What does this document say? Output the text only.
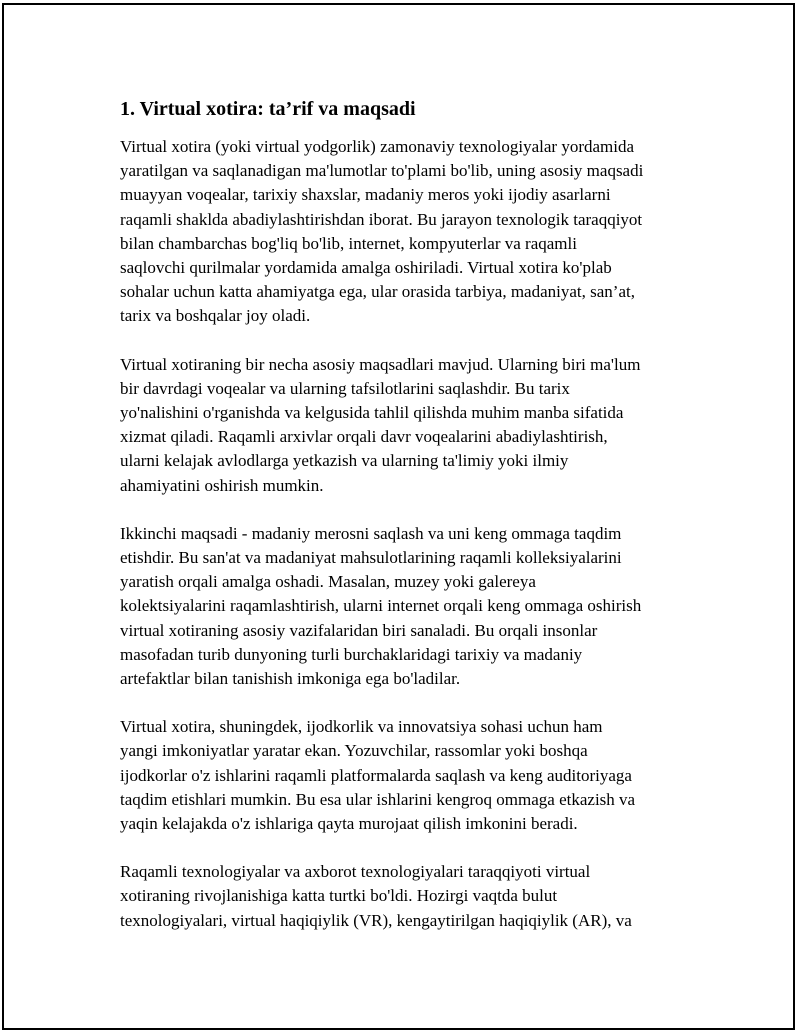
1. Virtual xotira: ta’rif va maqsadi

Virtual xotira (yoki virtual yodgorlik) zamonaviy texnologiyalar yordamida
yaratilgan va saqlanadigan ma'lumotlar to'plami bo'lib, uning asosiy maqsadi
muayyan voqealar, tarixiy shaxslar, madaniy meros yoki ijodiy asarlarni
raqamli shaklda abadiylashtirishdan iborat. Bu jarayon texnologik taraqqiyot
bilan chambarchas bog'liq bo'lib, internet, kompyuterlar va raqamli
saqlovchi qurilmalar yordamida amalga oshiriladi. Virtual xotira ko'plab
sohalar uchun katta ahamiyatga ega, ular orasida tarbiya, madaniyat, san’at,
tarix va boshqalar joy oladi.

Virtual xotiraning bir necha asosiy maqsadlari mavjud. Ularning biri ma'lum
bir davrdagi voqealar va ularning tafsilotlarini saqlashdir. Bu tarix
yo'nalishini o'rganishda va kelgusida tahlil qilishda muhim manba sifatida
xizmat qiladi. Raqamli arxivlar orqali davr voqealarini abadiylashtirish,
ularni kelajak avlodlarga yetkazish va ularning ta'limiy yoki ilmiy
ahamiyatini oshirish mumkin.

Ikkinchi maqsadi - madaniy merosni saqlash va uni keng ommaga taqdim
etishdir. Bu san'at va madaniyat mahsulotlarining raqamli kolleksiyalarini
yaratish orqali amalga oshadi. Masalan, muzey yoki galereya
kolektsiyalarini raqamlashtirish, ularni internet orqali keng ommaga oshirish
virtual xotiraning asosiy vazifalaridan biri sanaladi. Bu orqali insonlar
masofadan turib dunyoning turli burchaklaridagi tarixiy va madaniy
artefaktlar bilan tanishish imkoniga ega bo'ladilar.

Virtual xotira, shuningdek, ijodkorlik va innovatsiya sohasi uchun ham
yangi imkoniyatlar yaratar ekan. Yozuvchilar, rassomlar yoki boshqa
ijodkorlar o'z ishlarini raqamli platformalarda saqlash va keng auditoriyaga
taqdim etishlari mumkin. Bu esa ular ishlarini kengroq ommaga etkazish va
yaqin kelajakda o'z ishlariga qayta murojaat qilish imkonini beradi.

Raqamli texnologiyalar va axborot texnologiyalari taraqqiyoti virtual
xotiraning rivojlanishiga katta turtki bo'ldi. Hozirgi vaqtda bulut
texnologiyalari, virtual haqiqiylik (VR), kengaytirilgan haqiqiylik (AR), va
